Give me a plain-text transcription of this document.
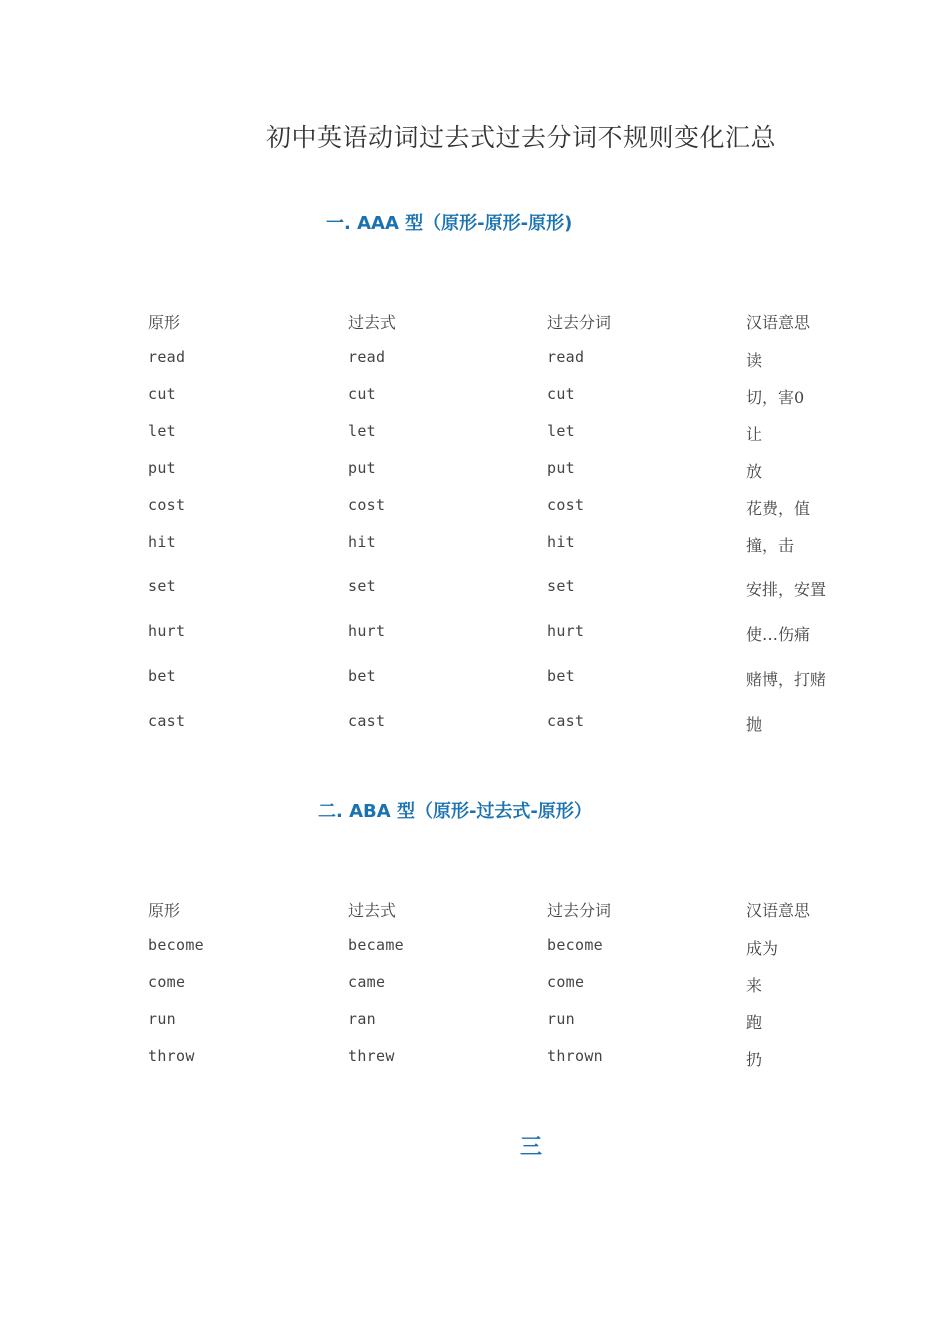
初中英语动词过去式过去分词不规则变化汇总
一. AAA 型（原形-原形-原形)
原形	过去式	过去分词	汉语意思
read	read	read	读
cut	cut	cut	切，害0
let	let	let	让
put	put	put	放
cost	cost	cost	花费，值
hit	hit	hit	撞，击
set	set	set	安排，安置
hurt	hurt	hurt	使…伤痛
bet	bet	bet	赌博，打赌
cast	cast	cast	抛
二. ABA 型（原形-过去式-原形）
原形	过去式	过去分词	汉语意思
become	became	become	成为
come	came	come	来
run	ran	run	跑
throw	threw	thrown	扔
三
